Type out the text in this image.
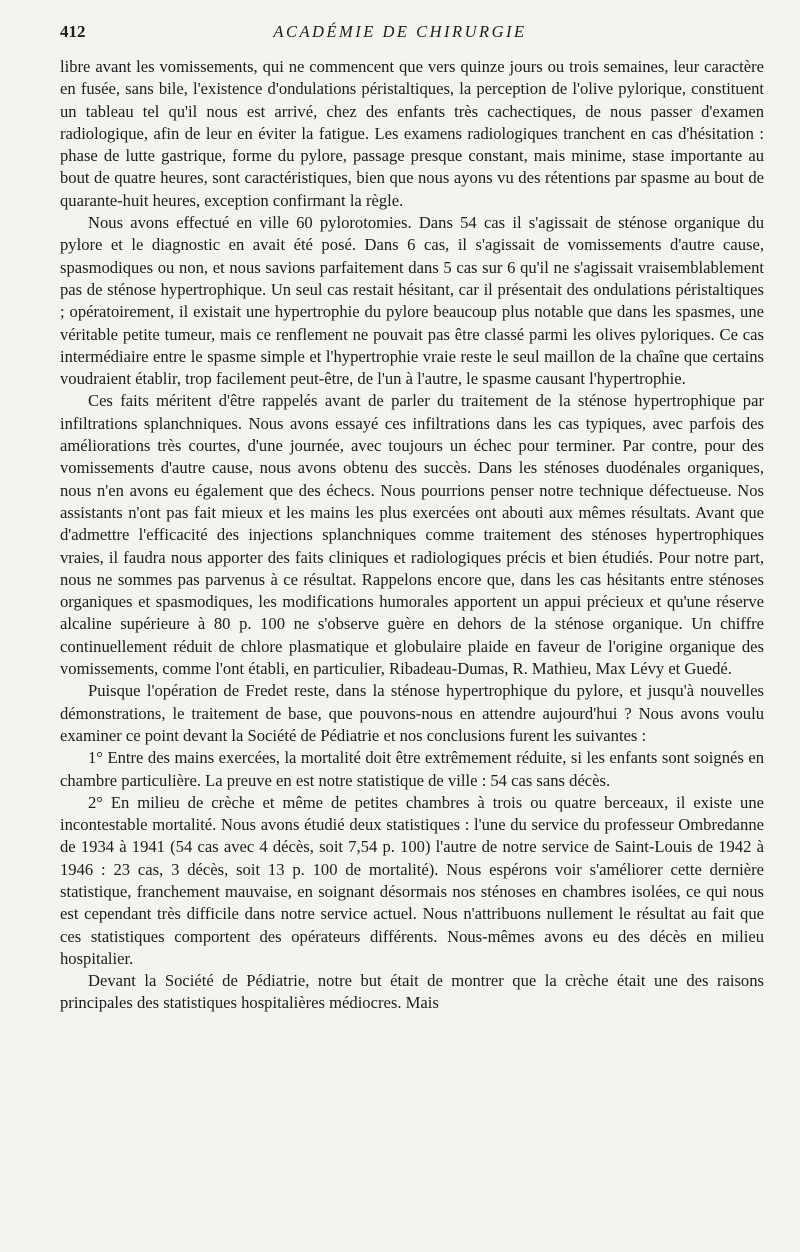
412	ACADÉMIE DE CHIRURGIE

libre avant les vomissements, qui ne commencent que vers quinze jours ou trois semaines, leur caractère en fusée, sans bile, l'existence d'ondulations péristaltiques, la perception de l'olive pylorique, constituent un tableau tel qu'il nous est arrivé, chez des enfants très cachectiques, de nous passer d'examen radiologique, afin de leur en éviter la fatigue. Les examens radiologiques tranchent en cas d'hésitation : phase de lutte gastrique, forme du pylore, passage presque constant, mais minime, stase importante au bout de quatre heures, sont caractéristiques, bien que nous ayons vu des rétentions par spasme au bout de quarante-huit heures, exception confirmant la règle.

Nous avons effectué en ville 60 pylorotomies. Dans 54 cas il s'agissait de sténose organique du pylore et le diagnostic en avait été posé. Dans 6 cas, il s'agissait de vomissements d'autre cause, spasmodiques ou non, et nous savions parfaitement dans 5 cas sur 6 qu'il ne s'agissait vraisemblablement pas de sténose hypertrophique. Un seul cas restait hésitant, car il présentait des ondulations péristaltiques ; opératoirement, il existait une hypertrophie du pylore beaucoup plus notable que dans les spasmes, une véritable petite tumeur, mais ce renflement ne pouvait pas être classé parmi les olives pyloriques. Ce cas intermédiaire entre le spasme simple et l'hypertrophie vraie reste le seul maillon de la chaîne que certains voudraient établir, trop facilement peut-être, de l'un à l'autre, le spasme causant l'hypertrophie.

Ces faits méritent d'être rappelés avant de parler du traitement de la sténose hypertrophique par infiltrations splanchniques. Nous avons essayé ces infiltrations dans les cas typiques, avec parfois des améliorations très courtes, d'une journée, avec toujours un échec pour terminer. Par contre, pour des vomissements d'autre cause, nous avons obtenu des succès. Dans les sténoses duodénales organiques, nous n'en avons eu également que des échecs. Nous pourrions penser notre technique défectueuse. Nos assistants n'ont pas fait mieux et les mains les plus exercées ont abouti aux mêmes résultats. Avant que d'admettre l'efficacité des injections splanchniques comme traitement des sténoses hypertrophiques vraies, il faudra nous apporter des faits cliniques et radiologiques précis et bien étudiés. Pour notre part, nous ne sommes pas parvenus à ce résultat. Rappelons encore que, dans les cas hésitants entre sténoses organiques et spasmodiques, les modifications humorales apportent un appui précieux et qu'une réserve alcaline supérieure à 80 p. 100 ne s'observe guère en dehors de la sténose organique. Un chiffre continuellement réduit de chlore plasmatique et globulaire plaide en faveur de l'origine organique des vomissements, comme l'ont établi, en particulier, Ribadeau-Dumas, R. Mathieu, Max Lévy et Guedé.

Puisque l'opération de Fredet reste, dans la sténose hypertrophique du pylore, et jusqu'à nouvelles démonstrations, le traitement de base, que pouvons-nous en attendre aujourd'hui ? Nous avons voulu examiner ce point devant la Société de Pédiatrie et nos conclusions furent les suivantes :

1° Entre des mains exercées, la mortalité doit être extrêmement réduite, si les enfants sont soignés en chambre particulière. La preuve en est notre statistique de ville : 54 cas sans décès.

2° En milieu de crèche et même de petites chambres à trois ou quatre berceaux, il existe une incontestable mortalité. Nous avons étudié deux statistiques : l'une du service du professeur Ombredanne de 1934 à 1941 (54 cas avec 4 décès, soit 7,54 p. 100) l'autre de notre service de Saint-Louis de 1942 à 1946 : 23 cas, 3 décès, soit 13 p. 100 de mortalité). Nous espérons voir s'améliorer cette dernière statistique, franchement mauvaise, en soignant désormais nos sténoses en chambres isolées, ce qui nous est cependant très difficile dans notre service actuel. Nous n'attribuons nullement le résultat au fait que ces statistiques comportent des opérateurs différents. Nous-mêmes avons eu des décès en milieu hospitalier.

Devant la Société de Pédiatrie, notre but était de montrer que la crèche était une des raisons principales des statistiques hospitalières médiocres. Mais
